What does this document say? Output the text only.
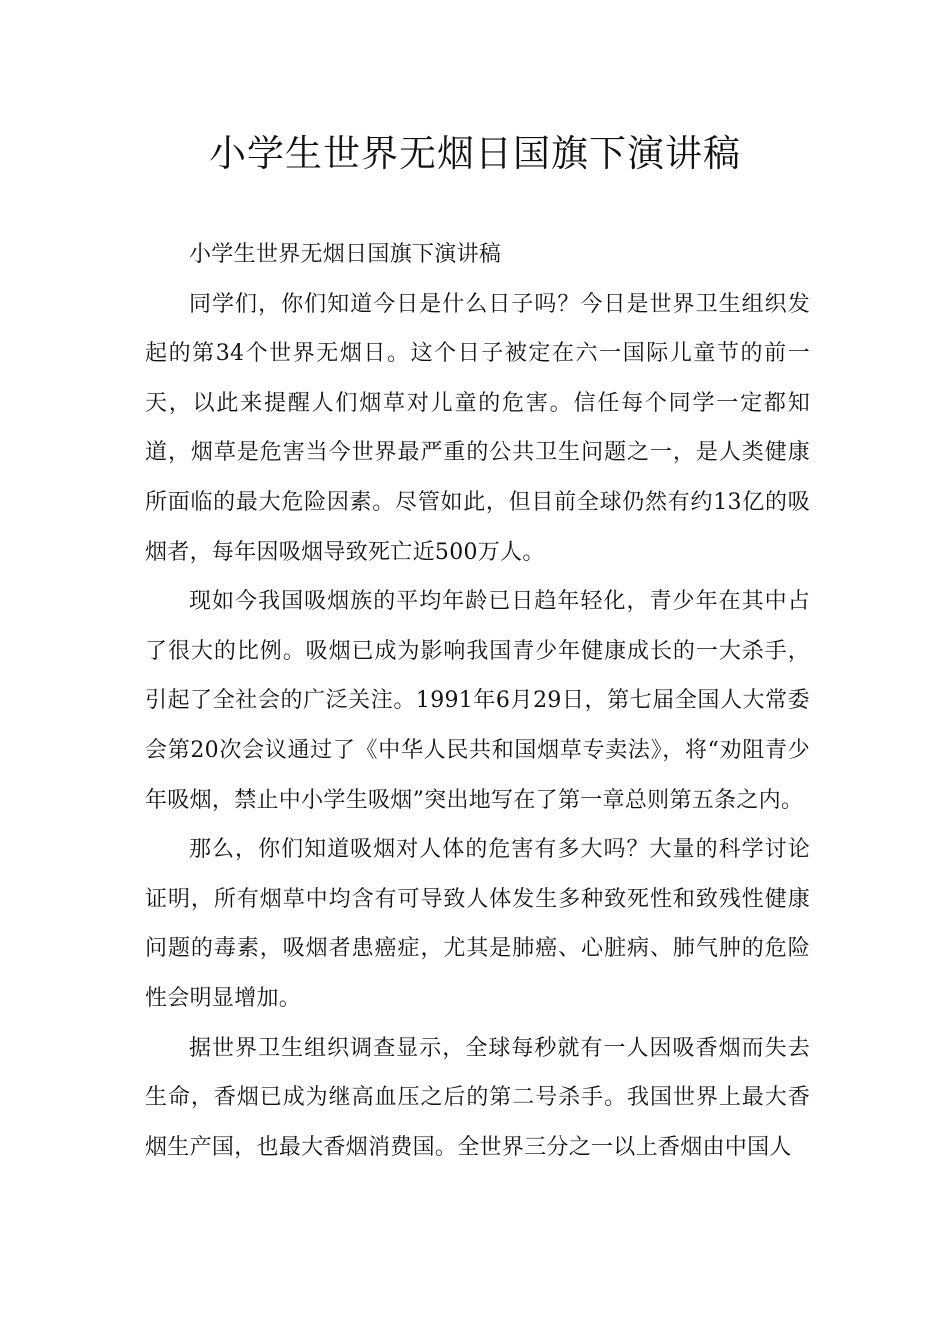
小学生世界无烟日国旗下演讲稿

小学生世界无烟日国旗下演讲稿

同学们，你们知道今日是什么日子吗？今日是世界卫生组织发起的第34个世界无烟日。这个日子被定在六一国际儿童节的前一天，以此来提醒人们烟草对儿童的危害。信任每个同学一定都知道，烟草是危害当今世界最严重的公共卫生问题之一，是人类健康所面临的最大危险因素。尽管如此，但目前全球仍然有约13亿的吸烟者，每年因吸烟导致死亡近500万人。

现如今我国吸烟族的平均年龄已日趋年轻化，青少年在其中占了很大的比例。吸烟已成为影响我国青少年健康成长的一大杀手，引起了全社会的广泛关注。1991年6月29日，第七届全国人大常委会第20次会议通过了《中华人民共和国烟草专卖法》，将“劝阻青少年吸烟，禁止中小学生吸烟”突出地写在了第一章总则第五条之内。

那么，你们知道吸烟对人体的危害有多大吗？大量的科学讨论证明，所有烟草中均含有可导致人体发生多种致死性和致残性健康问题的毒素，吸烟者患癌症，尤其是肺癌、心脏病、肺气肿的危险性会明显增加。

据世界卫生组织调查显示，全球每秒就有一人因吸香烟而失去生命，香烟已成为继高血压之后的第二号杀手。我国世界上最大香烟生产国，也最大香烟消费国。全世界三分之一以上香烟由中国人
